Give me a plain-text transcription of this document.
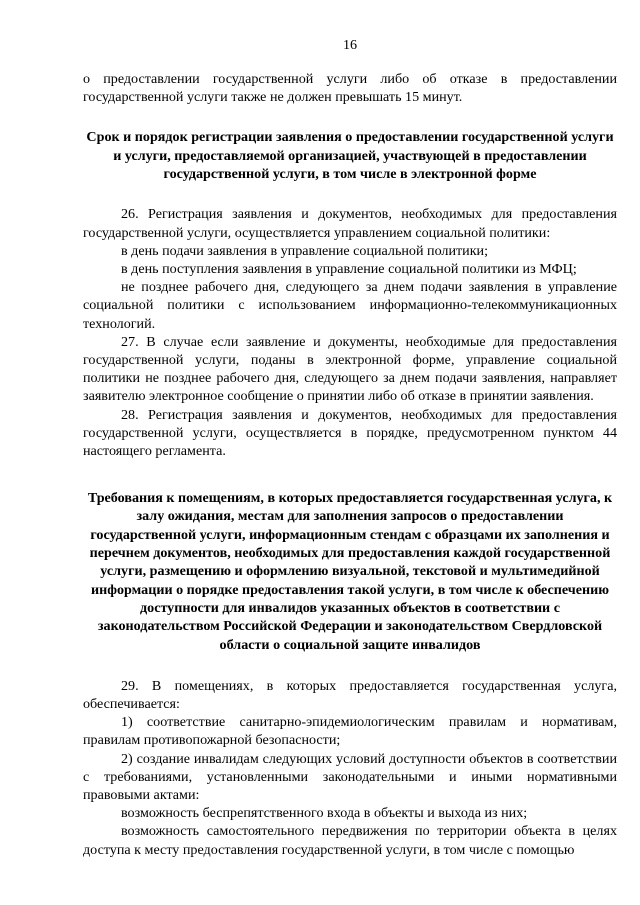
16

о предоставлении государственной услуги либо об отказе в предоставлении государственной услуги также не должен превышать 15 минут.

Срок и порядок регистрации заявления о предоставлении государственной услуги и услуги, предоставляемой организацией, участвующей в предоставлении государственной услуги, в том числе в электронной форме

26. Регистрация заявления и документов, необходимых для предоставления государственной услуги, осуществляется управлением социальной политики:

в день подачи заявления в управление социальной политики;

в день поступления заявления в управление социальной политики из МФЦ;

не позднее рабочего дня, следующего за днем подачи заявления в управление социальной политики с использованием информационно-телекоммуникационных технологий.

27. В случае если заявление и документы, необходимые для предоставления государственной услуги, поданы в электронной форме, управление социальной политики не позднее рабочего дня, следующего за днем подачи заявления, направляет заявителю электронное сообщение о принятии либо об отказе в принятии заявления.

28. Регистрация заявления и документов, необходимых для предоставления государственной услуги, осуществляется в порядке, предусмотренном пунктом 44 настоящего регламента.

Требования к помещениям, в которых предоставляется государственная услуга, к залу ожидания, местам для заполнения запросов о предоставлении государственной услуги, информационным стендам с образцами их заполнения и перечнем документов, необходимых для предоставления каждой государственной услуги, размещению и оформлению визуальной, текстовой и мультимедийной информации о порядке предоставления такой услуги, в том числе к обеспечению доступности для инвалидов указанных объектов в соответствии с законодательством Российской Федерации и законодательством Свердловской области о социальной защите инвалидов

29. В помещениях, в которых предоставляется государственная услуга, обеспечивается:

1) соответствие санитарно-эпидемиологическим правилам и нормативам, правилам противопожарной безопасности;

2) создание инвалидам следующих условий доступности объектов в соответствии с требованиями, установленными законодательными и иными нормативными правовыми актами:

возможность беспрепятственного входа в объекты и выхода из них;

возможность самостоятельного передвижения по территории объекта в целях доступа к месту предоставления государственной услуги, в том числе с помощью
